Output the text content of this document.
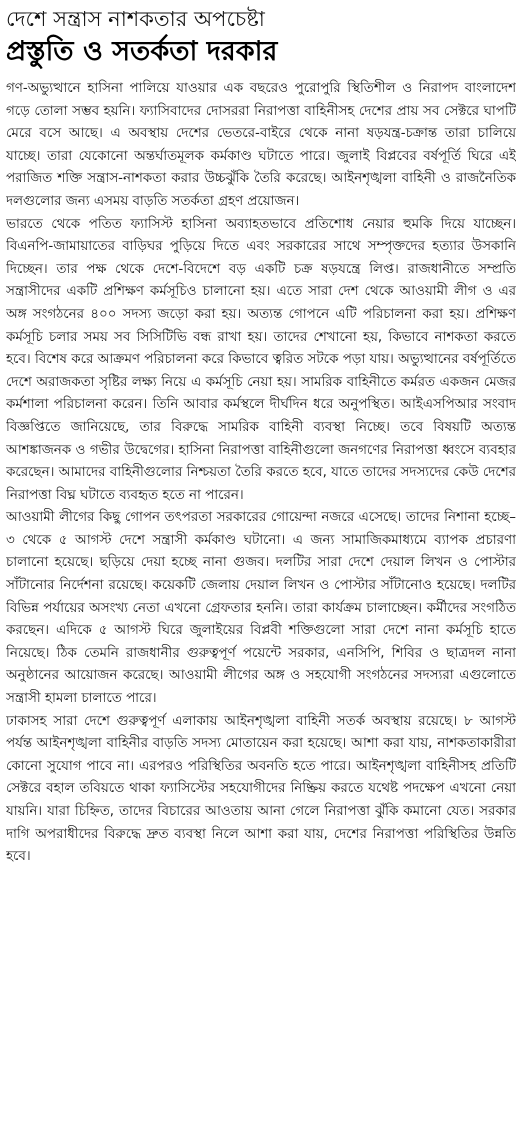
দেশে সন্ত্রাস নাশকতার অপচেষ্টা
প্রস্তুতি ও সতর্কতা দরকার

গণ-অভ্যুত্থানে হাসিনা পালিয়ে যাওয়ার এক বছরেও পুরোপুরি স্থিতিশীল ও নিরাপদ বাংলাদেশ গড়ে তোলা সম্ভব হয়নি। ফ্যাসিবাদের দোসররা নিরাপত্তা বাহিনীসহ দেশের প্রায় সব সেক্টরে ঘাপটি মেরে বসে আছে। এ অবস্থায় দেশের ভেতরে-বাইরে থেকে নানা ষড়যন্ত্র-চক্রান্ত তারা চালিয়ে যাচ্ছে। তারা যেকোনো অন্তর্ঘাতমূলক কর্মকাণ্ড ঘটাতে পারে। জুলাই বিপ্লবের বর্ষপূর্তি ঘিরে এই পরাজিত শক্তি সন্ত্রাস-নাশকতা করার উচ্চঝুঁকি তৈরি করেছে। আইনশৃঙ্খলা বাহিনী ও রাজনৈতিক দলগুলোর জন্য এসময় বাড়তি সতর্কতা গ্রহণ প্রয়োজন।

ভারতে থেকে পতিত ফ্যাসিস্ট হাসিনা অব্যাহতভাবে প্রতিশোধ নেয়ার হুমকি দিয়ে যাচ্ছেন। বিএনপি-জামায়াতের বাড়িঘর পুড়িয়ে দিতে এবং সরকারের সাথে সম্পৃক্তদের হত্যার উসকানি দিচ্ছেন। তার পক্ষ থেকে দেশে-বিদেশে বড় একটি চক্র ষড়যন্ত্রে লিপ্ত। রাজধানীতে সম্প্রতি সন্ত্রাসীদের একটি প্রশিক্ষণ কর্মসূচিও চালানো হয়। এতে সারা দেশ থেকে আওয়ামী লীগ ও এর অঙ্গ সংগঠনের ৪০০ সদস্য জড়ো করা হয়। অত্যন্ত গোপনে এটি পরিচালনা করা হয়। প্রশিক্ষণ কর্মসূচি চলার সময় সব সিসিটিভি বন্ধ রাখা হয়। তাদের শেখানো হয়, কিভাবে নাশকতা করতে হবে। বিশেষ করে আক্রমণ পরিচালনা করে কিভাবে ত্বরিত সটকে পড়া যায়। অভ্যুত্থানের বর্ষপূর্তিতে দেশে অরাজকতা সৃষ্টির লক্ষ্য নিয়ে এ কর্মসূচি নেয়া হয়। সামরিক বাহিনীতে কর্মরত একজন মেজর কর্মশালা পরিচালনা করেন। তিনি আবার কর্মস্থলে দীর্ঘদিন ধরে অনুপস্থিত। আইএসপিআর সংবাদ বিজ্ঞপ্তিতে জানিয়েছে, তার বিরুদ্ধে সামরিক বাহিনী ব্যবস্থা নিচ্ছে। তবে বিষয়টি অত্যন্ত আশঙ্কাজনক ও গভীর উদ্বেগের। হাসিনা নিরাপত্তা বাহিনীগুলো জনগণের নিরাপত্তা ধ্বংসে ব্যবহার করেছেন। আমাদের বাহিনীগুলোর নিশ্চয়তা তৈরি করতে হবে, যাতে তাদের সদস্যদের কেউ দেশের নিরাপত্তা বিঘ্ন ঘটাতে ব্যবহৃত হতে না পারেন।

আওয়ামী লীগের কিছু গোপন তৎপরতা সরকারের গোয়েন্দা নজরে এসেছে। তাদের নিশানা হচ্ছে– ৩ থেকে ৫ আগস্ট দেশে সন্ত্রাসী কর্মকাণ্ড ঘটানো। এ জন্য সামাজিকমাধ্যমে ব্যাপক প্রচারণা চালানো হয়েছে। ছড়িয়ে দেয়া হচ্ছে নানা গুজব। দলটির সারা দেশে দেয়াল লিখন ও পোস্টার সাঁটানোর নির্দেশনা রয়েছে। কয়েকটি জেলায় দেয়াল লিখন ও পোস্টার সাঁটানোও হয়েছে। দলটির বিভিন্ন পর্যায়ের অসংখ্য নেতা এখনো গ্রেফতার হননি। তারা কার্যক্রম চালাচ্ছেন। কর্মীদের সংগঠিত করছেন। এদিকে ৫ আগস্ট ঘিরে জুলাইয়ের বিপ্লবী শক্তিগুলো সারা দেশে নানা কর্মসূচি হাতে নিয়েছে। ঠিক তেমনি রাজধানীর গুরুত্বপূর্ণ পয়েন্টে সরকার, এনসিপি, শিবির ও ছাত্রদল নানা অনুষ্ঠানের আয়োজন করেছে। আওয়ামী লীগের অঙ্গ ও সহযোগী সংগঠনের সদস্যরা এগুলোতে সন্ত্রাসী হামলা চালাতে পারে।

ঢাকাসহ সারা দেশে গুরুত্বপূর্ণ এলাকায় আইনশৃঙ্খলা বাহিনী সতর্ক অবস্থায় রয়েছে। ৮ আগস্ট পর্যন্ত আইনশৃঙ্খলা বাহিনীর বাড়তি সদস্য মোতায়েন করা হয়েছে। আশা করা যায়, নাশকতাকারীরা কোনো সুযোগ পাবে না। এরপরও পরিস্থিতির অবনতি হতে পারে। আইনশৃঙ্খলা বাহিনীসহ প্রতিটি সেক্টরে বহাল তবিয়তে থাকা ফ্যাসিস্টের সহযোগীদের নিষ্ক্রিয় করতে যথেষ্ট পদক্ষেপ এখনো নেয়া যায়নি। যারা চিহ্নিত, তাদের বিচারের আওতায় আনা গেলে নিরাপত্তা ঝুঁকি কমানো যেত। সরকার দাগি অপরাধীদের বিরুদ্ধে দ্রুত ব্যবস্থা নিলে আশা করা যায়, দেশের নিরাপত্তা পরিস্থিতির উন্নতি হবে।
